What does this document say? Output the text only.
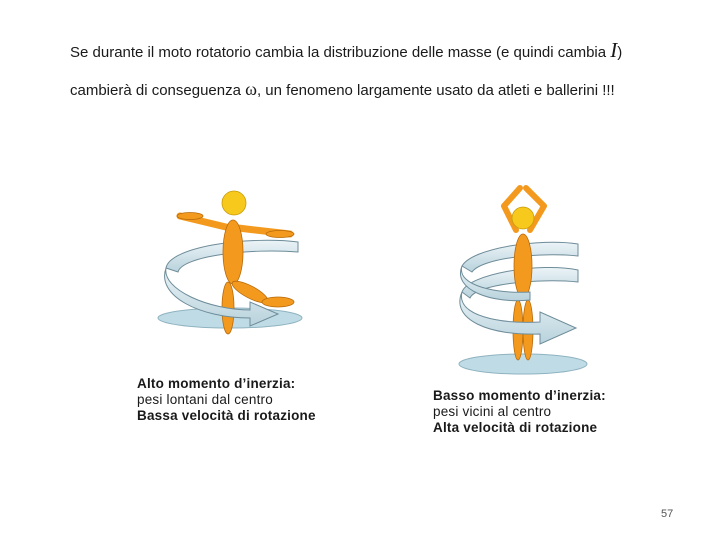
Se durante il moto rotatorio cambia la distribuzione delle masse (e quindi cambia I)
cambierà di conseguenza ω, un fenomeno largamente usato da atleti e ballerini !!!
Alto momento d’inerzia:
pesi lontani dal centro
Bassa velocità di rotazione
Basso momento d’inerzia:
pesi vicini al centro
Alta velocità di rotazione
57
